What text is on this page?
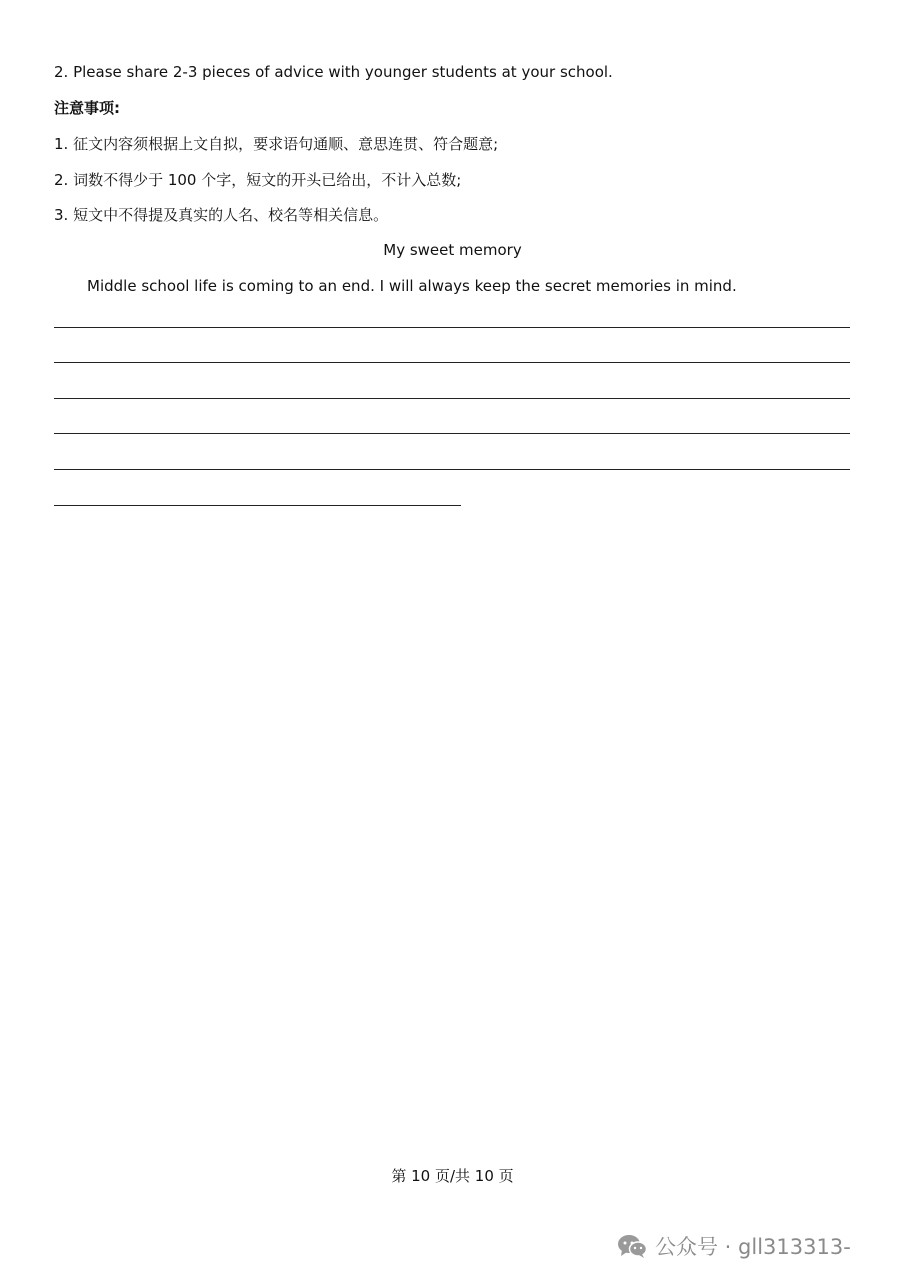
2. Please share 2-3 pieces of advice with younger students at your school.
注意事项:
1. 征文内容须根据上文自拟，要求语句通顺、意思连贯、符合题意;
2. 词数不得少于 100 个字，短文的开头已给出，不计入总数;
3. 短文中不得提及真实的人名、校名等相关信息。
My sweet memory
Middle school life is coming to an end. I will always keep the secret memories in mind.
第 10 页/共 10 页
公众号 · gll313313-
